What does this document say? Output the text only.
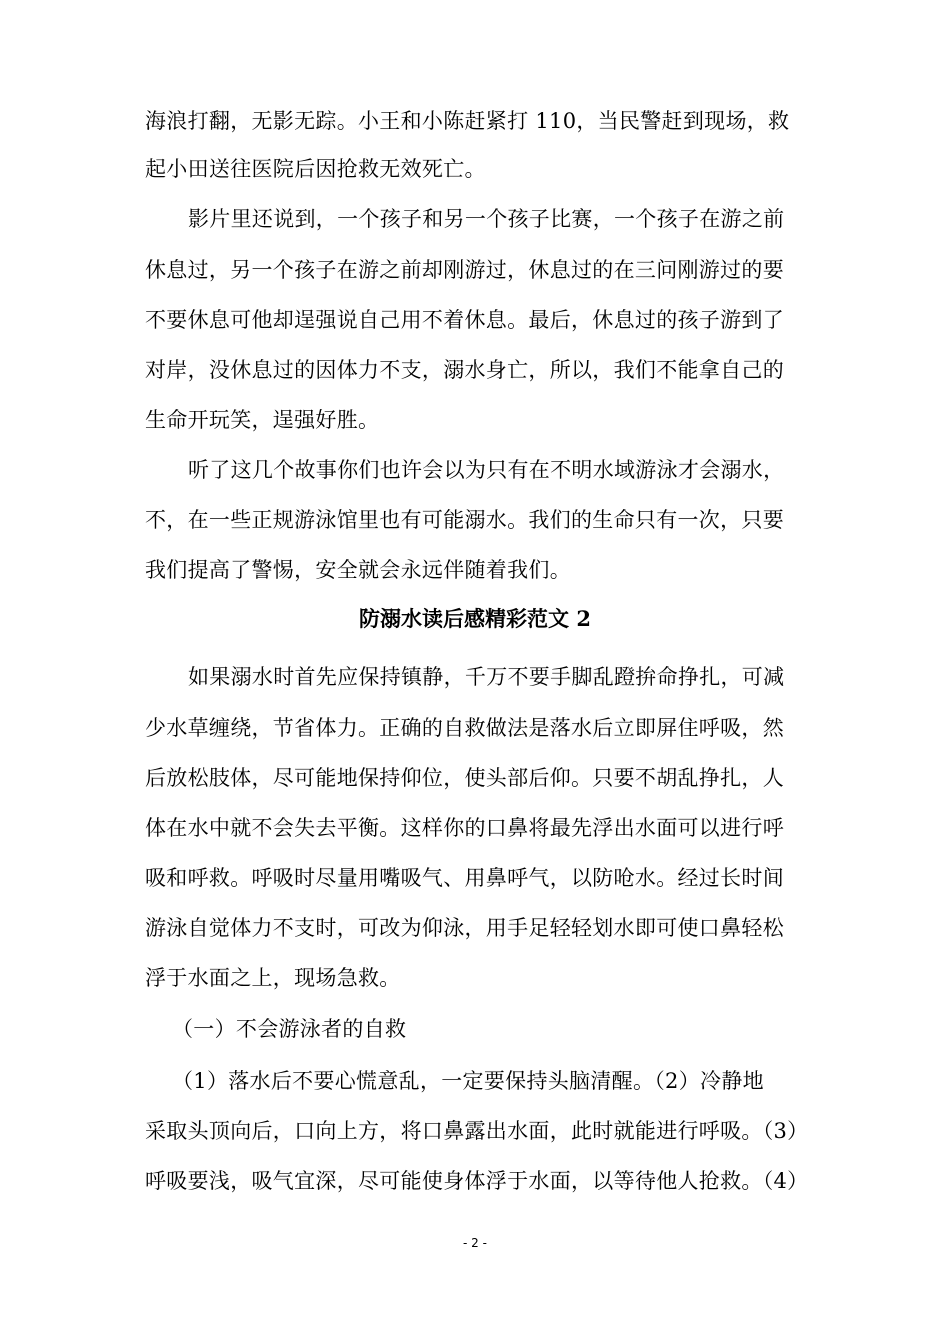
海浪打翻，无影无踪。小王和小陈赶紧打 110，当民警赶到现场，救
起小田送往医院后因抢救无效死亡。
影片里还说到，一个孩子和另一个孩子比赛，一个孩子在游之前
休息过，另一个孩子在游之前却刚游过，休息过的在三问刚游过的要
不要休息可他却逞强说自己用不着休息。最后，休息过的孩子游到了
对岸，没休息过的因体力不支，溺水身亡，所以，我们不能拿自己的
生命开玩笑，逞强好胜。
听了这几个故事你们也许会以为只有在不明水域游泳才会溺水，
不，在一些正规游泳馆里也有可能溺水。我们的生命只有一次，只要
我们提高了警惕，安全就会永远伴随着我们。
防溺水读后感精彩范文 2
如果溺水时首先应保持镇静，千万不要手脚乱蹬拚命挣扎，可减
少水草缠绕，节省体力。正确的自救做法是落水后立即屏住呼吸，然
后放松肢体，尽可能地保持仰位，使头部后仰。只要不胡乱挣扎，人
体在水中就不会失去平衡。这样你的口鼻将最先浮出水面可以进行呼
吸和呼救。呼吸时尽量用嘴吸气、用鼻呼气，以防呛水。经过长时间
游泳自觉体力不支时，可改为仰泳，用手足轻轻划水即可使口鼻轻松
浮于水面之上，现场急救。
（一）不会游泳者的自救
（1）落水后不要心慌意乱，一定要保持头脑清醒。（2）冷静地
采取头顶向后，口向上方，将口鼻露出水面，此时就能进行呼吸。（3）
呼吸要浅，吸气宜深，尽可能使身体浮于水面，以等待他人抢救。（4）
- 2 -
